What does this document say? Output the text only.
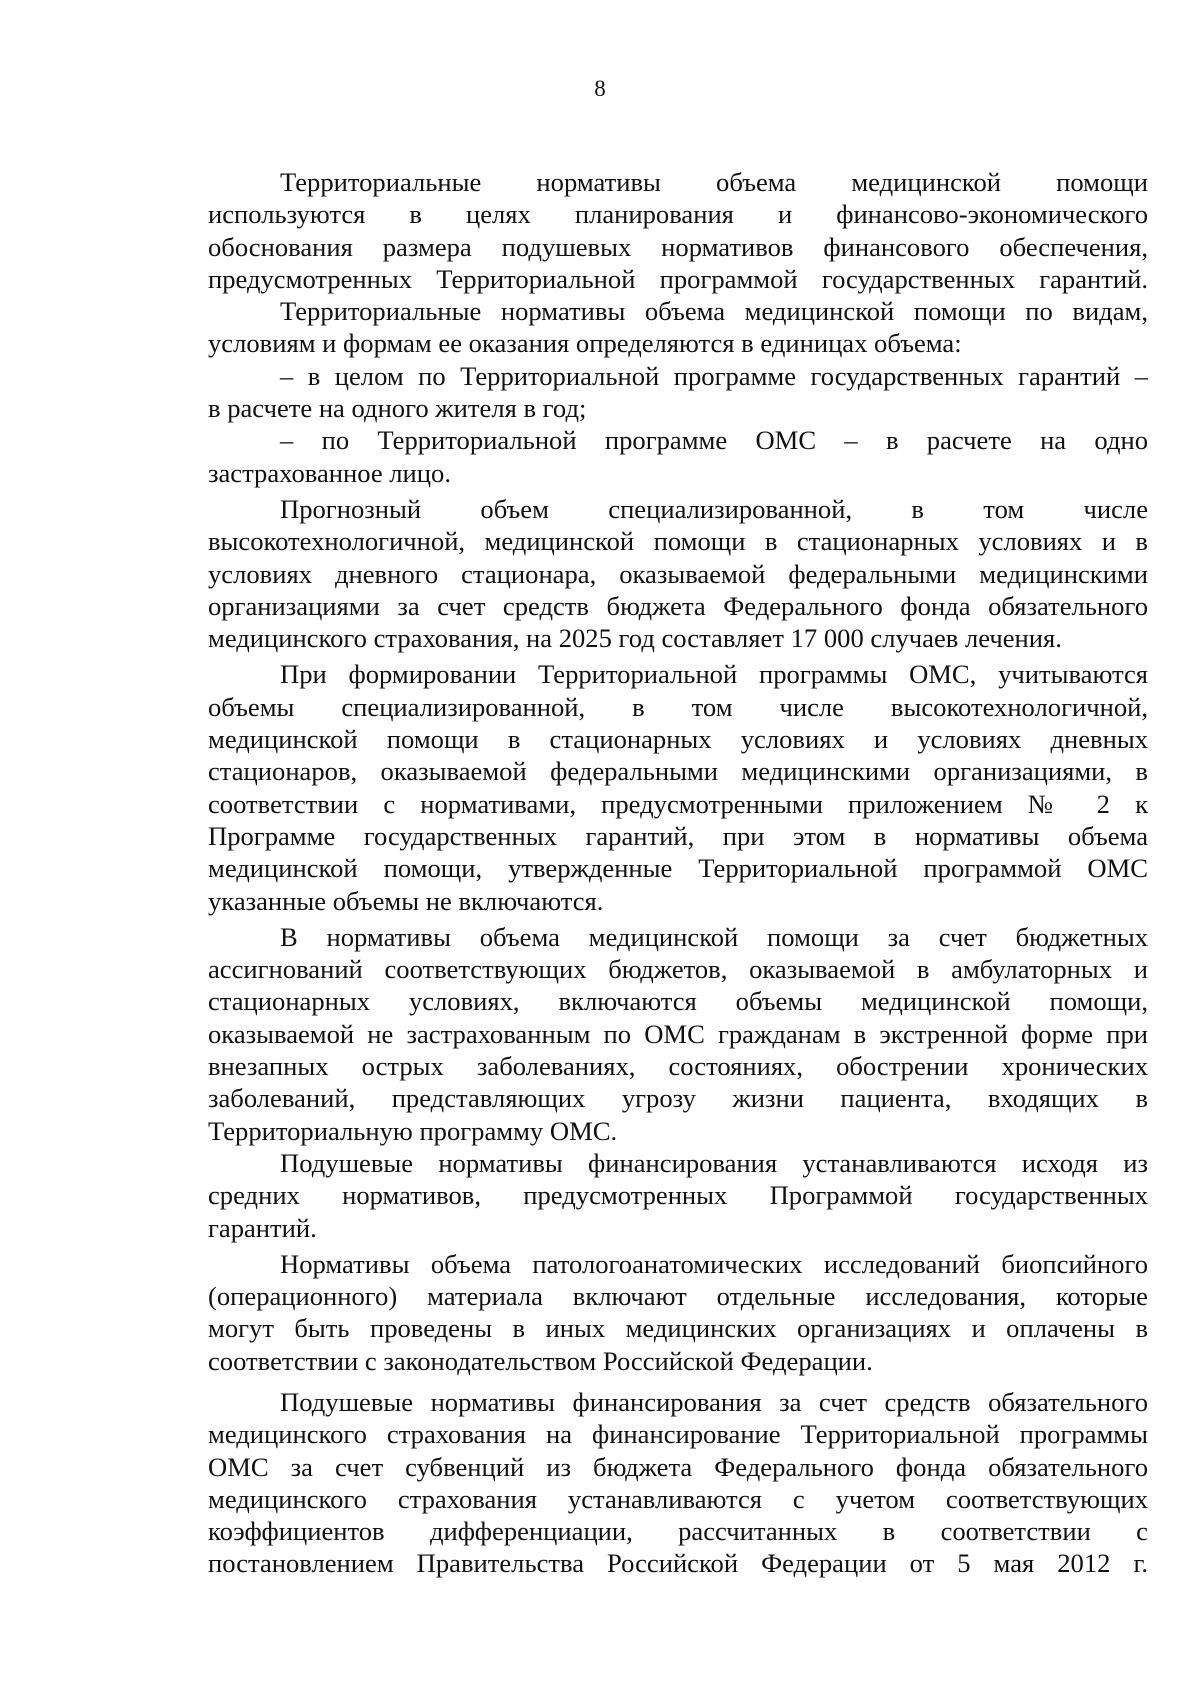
8
Территориальные нормативы объема медицинской помощи
используются в целях планирования и финансово-экономического
обоснования размера подушевых нормативов финансового обеспечения,
предусмотренных Территориальной программой государственных гарантий.
Территориальные нормативы объема медицинской помощи по видам,
условиям и формам ее оказания определяются в единицах объема:
– в целом по Территориальной программе государственных гарантий –
в расчете на одного жителя в год;
– по Территориальной программе ОМС – в расчете на одно
застрахованное лицо.
Прогнозный объем специализированной, в том числе
высокотехнологичной, медицинской помощи в стационарных условиях и в
условиях дневного стационара, оказываемой федеральными медицинскими
организациями за счет средств бюджета Федерального фонда обязательного
медицинского страхования, на 2025 год составляет 17 000 случаев лечения.
При формировании Территориальной программы ОМС, учитываются
объемы специализированной, в том числе высокотехнологичной,
медицинской помощи в стационарных условиях и условиях дневных
стационаров, оказываемой федеральными медицинскими организациями, в
соответствии с нормативами, предусмотренными приложением № 2 к
Программе государственных гарантий, при этом в нормативы объема
медицинской помощи, утвержденные Территориальной программой ОМС
указанные объемы не включаются.
В нормативы объема медицинской помощи за счет бюджетных
ассигнований соответствующих бюджетов, оказываемой в амбулаторных и
стационарных условиях, включаются объемы медицинской помощи,
оказываемой не застрахованным по ОМС гражданам в экстренной форме при
внезапных острых заболеваниях, состояниях, обострении хронических
заболеваний, представляющих угрозу жизни пациента, входящих в
Территориальную программу ОМС.
Подушевые нормативы финансирования устанавливаются исходя из
средних нормативов, предусмотренных Программой государственных
гарантий.
Нормативы объема патологоанатомических исследований биопсийного
(операционного) материала включают отдельные исследования, которые
могут быть проведены в иных медицинских организациях и оплачены в
соответствии с законодательством Российской Федерации.
Подушевые нормативы финансирования за счет средств обязательного
медицинского страхования на финансирование Территориальной программы
ОМС за счет субвенций из бюджета Федерального фонда обязательного
медицинского страхования устанавливаются с учетом соответствующих
коэффициентов дифференциации, рассчитанных в соответствии с
постановлением Правительства Российской Федерации от 5 мая 2012 г.
